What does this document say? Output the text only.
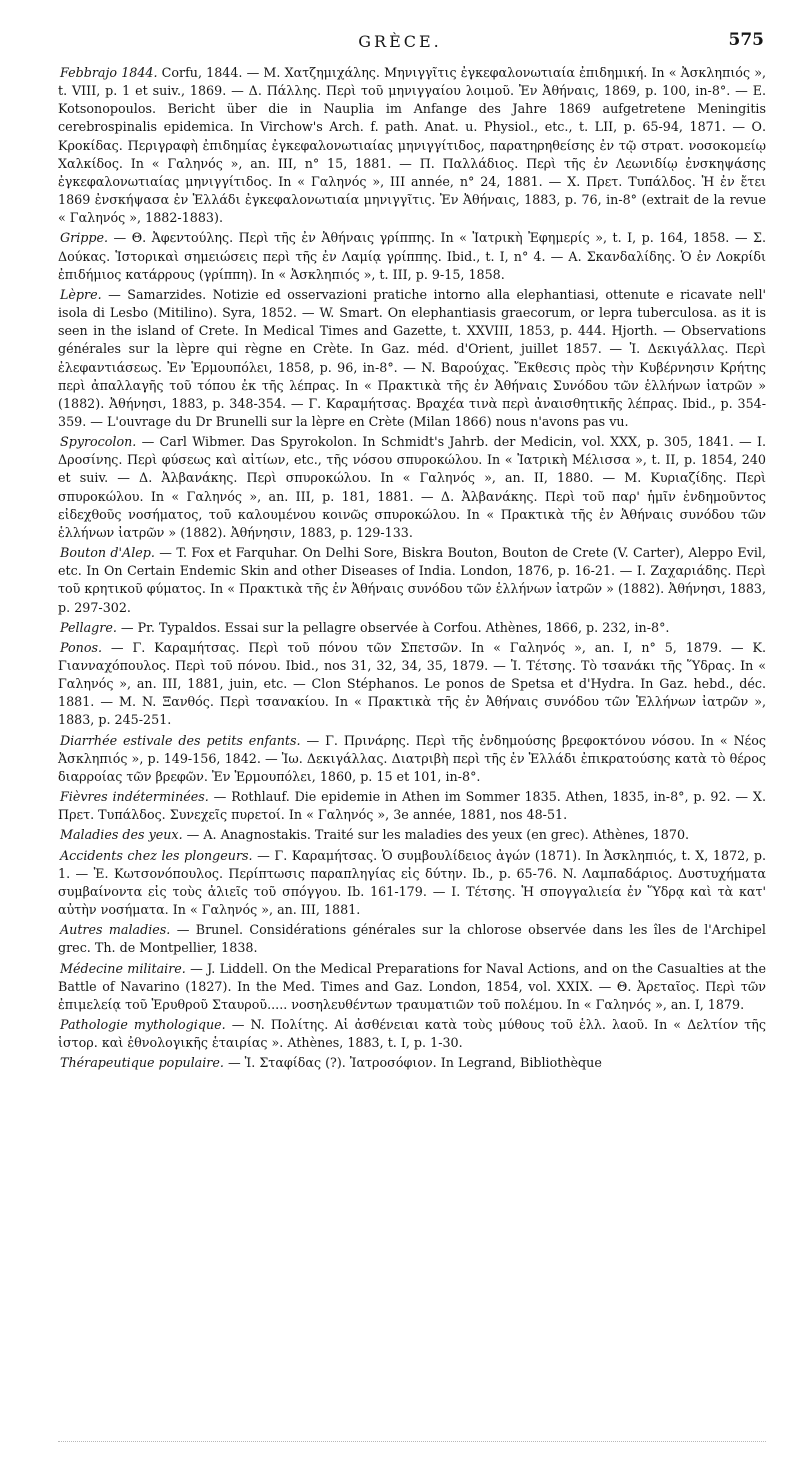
GRÈCE.	575

Febbrajo 1844. Corfu, 1844. — M. Χατζημιχάλης. Μηνιγγῖτις ἐγκεφαλονωτιαία ἐπιδημική. In « Ἀσκληπιός », t. VIII, p. 1 et suiv., 1869. — Δ. Πάλλης. Περὶ τοῦ μηνιγγαίου λοιμοῦ. Ἐν Ἀθήναις, 1869, p. 100, in-8°. — E. Kotsonopoulos. Bericht über die in Nauplia im Anfange des Jahre 1869 aufgetretene Meningitis cerebrospinalis epidemica. In Virchow's Arch. f. path. Anat. u. Physiol., etc., t. LII, p. 65-94, 1871. — Ο. Κροκίδας. Περιγραφὴ ἐπιδημίας ἐγκεφαλονωτιαίας μηνιγγίτιδος, παρατηρηθείσης ἐν τῷ στρατ. νοσοκομείῳ Χαλκίδος. In « Γαληνός », an. III, n° 15, 1881. — Π. Παλλάδιος. Περὶ τῆς ἐν Λεωνιδίῳ ἐνσκηψάσης ἐγκεφαλονωτιαίας μηνιγγίτιδος. In « Γαληνός », III année, n° 24, 1881. — X. Πρετ. Τυπάλδος. Ἡ ἐν ἔτει 1869 ἐνσκήψασα ἐν Ἑλλάδι ἐγκεφαλονωτιαία μηνιγγῖτις. Ἐν Ἀθήναις, 1883, p. 76, in-8° (extrait de la revue « Γαληνός », 1882-1883).

Grippe. — Θ. Ἀφεντούλης. Περὶ τῆς ἐν Ἀθήναις γρίππης. In « Ἰατρικὴ Ἐφημερίς », t. I, p. 164, 1858. — Σ. Δούκας. Ἱστορικαὶ σημειώσεις περὶ τῆς ἐν Λαμίᾳ γρίππης. Ibid., t. I, n° 4. — A. Σκανδαλίδης. Ὁ ἐν Λοκρίδι ἐπιδήμιος κατάρρους (γρίππη). In « Ἀσκληπιός », t. III, p. 9-15, 1858.

Lèpre. — Samarzides. Notizie ed osservazioni pratiche intorno alla elephantiasi, ottenute e ricavate nell' isola di Lesbo (Mitilino). Syra, 1852. — W. Smart. On elephantiasis graecorum, or lepra tuberculosa. as it is seen in the island of Crete. In Medical Times and Gazette, t. XXVIII, 1853, p. 444. Hjorth. — Observations générales sur la lèpre qui règne en Crète. In Gaz. méd. d'Orient, juillet 1857. — Ἰ. Δεκιγάλλας. Περὶ ἐλεφαντιάσεως. Ἐν Ἑρμουπόλει, 1858, p. 96, in-8°. — N. Βαρούχας. Ἔκθεσις πρὸς τὴν Κυβέρνησιν Κρήτης περὶ ἀπαλλαγῆς τοῦ τόπου ἐκ τῆς λέπρας. In « Πρακτικὰ τῆς ἐν Ἀθήναις Συνόδου τῶν ἑλλήνων ἰατρῶν » (1882). Ἀθήνησι, 1883, p. 348-354. — Γ. Καραμήτσας. Βραχέα τινὰ περὶ ἀναισθητικῆς λέπρας. Ibid., p. 354-359. — L'ouvrage du Dr Brunelli sur la lèpre en Crète (Milan 1866) nous n'avons pas vu.

Spyrocolon. — Carl Wibmer. Das Spyrokolon. In Schmidt's Jahrb. der Medicin, vol. XXX, p. 305, 1841. — I. Δροσίνης. Περὶ φύσεως καὶ αἰτίων, etc., τῆς νόσου σπυροκώλου. In « Ἰατρικὴ Μέλισσα », t. II, p. 1854, 240 et suiv. — Δ. Ἀλβανάκης. Περὶ σπυροκώλου. In « Γαληνός », an. II, 1880. — M. Κυριαζίδης. Περὶ σπυροκώλου. In « Γαληνός », an. III, p. 181, 1881. — Δ. Ἀλβανάκης. Περὶ τοῦ παρ' ἡμῖν ἐνδημοῦντος εἰδεχθοῦς νοσήματος, τοῦ καλουμένου κοινῶς σπυροκώλου. In « Πρακτικὰ τῆς ἐν Ἀθήναις συνόδου τῶν ἑλλήνων ἰατρῶν » (1882). Ἀθήνησιν, 1883, p. 129-133.

Bouton d'Alep. — T. Fox et Farquhar. On Delhi Sore, Biskra Bouton, Bouton de Crete (V. Carter), Aleppo Evil, etc. In On Certain Endemic Skin and other Diseases of India. London, 1876, p. 16-21. — I. Ζαχαριάδης. Περὶ τοῦ κρητικοῦ φύματος. In « Πρακτικὰ τῆς ἐν Ἀθήναις συνόδου τῶν ἑλλήνων ἰατρῶν » (1882). Ἀθήνησι, 1883, p. 297-302.

Pellagre. — Pr. Typaldos. Essai sur la pellagre observée à Corfou. Athènes, 1866, p. 232, in-8°.

Ponos. — Γ. Καραμήτσας. Περὶ τοῦ πόνου τῶν Σπετσῶν. In « Γαληνός », an. I, n° 5, 1879. — K. Γιανναχόπουλος. Περὶ τοῦ πόνου. Ibid., nos 31, 32, 34, 35, 1879. — Ἰ. Τέτσης. Τὸ τσανάκι τῆς Ὕδρας. In « Γαληνός », an. III, 1881, juin, etc. — Clon Stéphanos. Le ponos de Spetsa et d'Hydra. In Gaz. hebd., déc. 1881. — M. N. Ξανθός. Περὶ τσανακίου. In « Πρακτικὰ τῆς ἐν Ἀθήναις συνόδου τῶν Ἑλλήνων ἰατρῶν », 1883, p. 245-251.

Diarrhée estivale des petits enfants. — Γ. Πρινάρης. Περὶ τῆς ἐνδημούσης βρεφοκτόνου νόσου. In « Νέος Ἀσκληπιός », p. 149-156, 1842. — Ἰω. Δεκιγάλλας. Διατριβὴ περὶ τῆς ἐν Ἑλλάδι ἐπικρατούσης κατὰ τὸ θέρος διαρροίας τῶν βρεφῶν. Ἐν Ἑρμουπόλει, 1860, p. 15 et 101, in-8°.

Fièvres indéterminées. — Rothlauf. Die epidemie in Athen im Sommer 1835. Athen, 1835, in-8°, p. 92. — X. Πρετ. Τυπάλδος. Συνεχεῖς πυρετοί. In « Γαληνός », 3e année, 1881, nos 48-51.

Maladies des yeux. — A. Anagnostakis. Traité sur les maladies des yeux (en grec). Athènes, 1870.

Accidents chez les plongeurs. — Γ. Καραμήτσας. Ὁ συμβουλίδειος ἀγών (1871). In Ἀσκληπιός, t. X, 1872, p. 1. — Ἐ. Κωτσονόπουλος. Περίπτωσις παραπληγίας εἰς δύτην. Ib., p. 65-76. N. Λαμπαδάριος. Δυστυχήματα συμβαίνοντα εἰς τοὺς ἀλιεῖς τοῦ σπόγγου. Ib. 161-179. — I. Τέτσης. Ἡ σπογγαλιεία ἐν Ὕδρᾳ καὶ τὰ κατ' αὐτὴν νοσήματα. In « Γαληνός », an. III, 1881.

Autres maladies. — Brunel. Considérations générales sur la chlorose observée dans les îles de l'Archipel grec. Th. de Montpellier, 1838.

Médecine militaire. — J. Liddell. On the Medical Preparations for Naval Actions, and on the Casualties at the Battle of Navarino (1827). In the Med. Times and Gaz. London, 1854, vol. XXIX. — Θ. Ἀρεταῖος. Περὶ τῶν ἐπιμελείᾳ τοῦ Ἐρυθροῦ Σταυροῦ..... νοσηλευθέντων τραυματιῶν τοῦ πολέμου. In « Γαληνός », an. I, 1879.

Pathologie mythologique. — N. Πολίτης. Αἱ ἀσθένειαι κατὰ τοὺς μύθους τοῦ ἑλλ. λαοῦ. In « Δελτίον τῆς ἱστορ. καὶ ἐθνολογικῆς ἑταιρίας ». Athènes, 1883, t. I, p. 1-30.

Thérapeutique populaire. — Ἰ. Σταφίδας (?). Ἰατροσόφιον. In Legrand, Bibliothèque
